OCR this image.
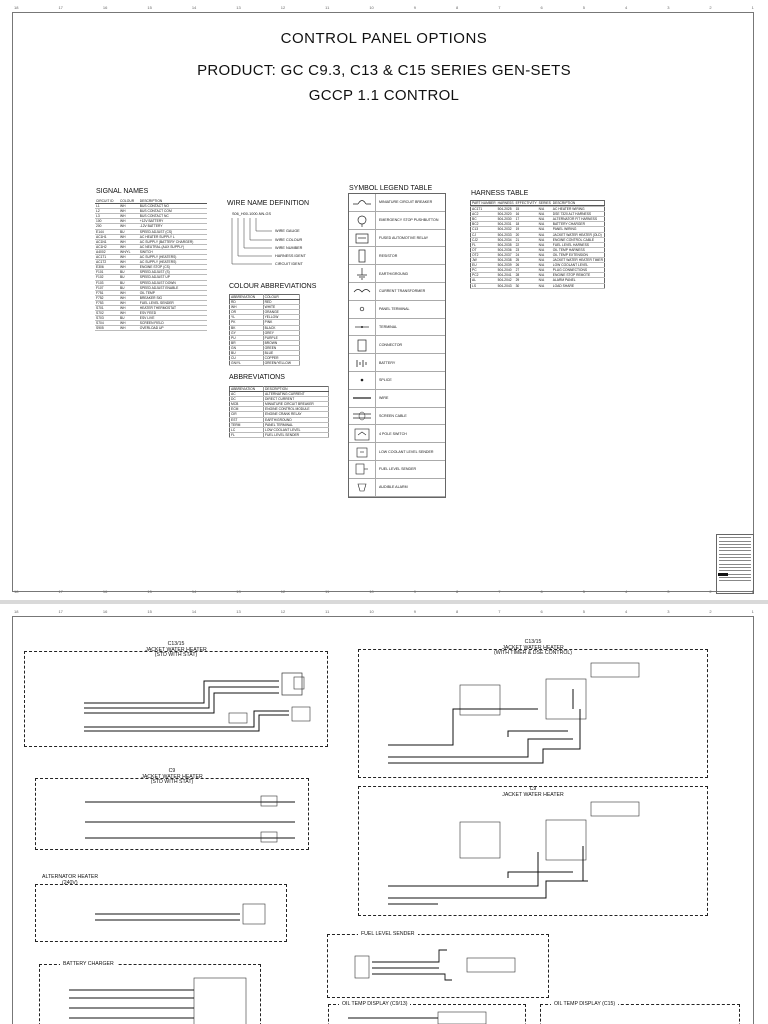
18	17	16	15	14	13	12	11	10	9	8	7	6	5	4	3	2	1
18	17	16	15	14	13	12	11	10	9	8	7	6	5	4	3	2	1
CONTROL PANEL OPTIONS
PRODUCT: GC C9.3, C13 & C15 SERIES GEN-SETS
GCCP 1.1 CONTROL
SIGNAL NAMES
CIRCUIT ID	COLOUR	DESCRIPTION
L1	WH	BUS CONTACT NO
L2	WH	BUS CONTACT COM
L3	WH	BUS CONTACT NC
100	WH	+12V BATTERY
200	WH	-12V BATTERY
E144	BU	SPEED ADJUST (CS)
AC1H1	WH	AC HEATER SUPPLY L
AC1N1	WH	AC SUPPLY (BATTERY CHARGER)
AC1H2	WH	AC NEUTRAL (AUX SUPPLY)
A4002	WH/YL	SWITCH
AC1T1	WH	AC SUPPLY (HEATERS)
AC1T2	WH	AC SUPPLY (HEATERS)
E306	WH	ENGINE STOP (CS)
F101	BU	SPEED ADJUST (S)
F102	BU	SPEED ADJUST UP
F103	BU	SPEED ADJUST DOWN
F107	BU	SPEED ADJUST ENABLE
F751	WH	OIL TEMP
F752	WH	BREAKER SIG
F753	WH	FUEL LEVEL SENDER
S701	WH	HEATER THERMOSTAT
S702	WH	ESV FEED
S703	BU	ESV LIVE
S704	WH	SCREEN FIELD
S905	WH	OVERLOAD UP
WIRE NAME DEFINITION
S06_H00-1000-NN-GS
WIRE GAUGE
WIRE COLOUR
WIRE NUMBER
HARNESS IDENT
CIRCUIT IDENT
COLOUR ABBREVIATIONS
ABBREVIATION	COLOUR
RD	RED
WH	WHITE
OR	ORANGE
YL	YELLOW
PK	PINK
BK	BLACK
GY	GREY
PU	PURPLE
BR	BROWN
GN	GREEN
BU	BLUE
CU	COPPER
GN/YL	GREEN/YELLOW
ABBREVIATIONS
ABBREVIATION	DESCRIPTION
AC	ALTERNATING CURRENT
DC	DIRECT CURRENT
MCB	MINIATURE CIRCUIT BREAKER
ECM	ENGINE CONTROL MODULE
CIR	ENGINE CRANK RELAY
EST	EARTH/GROUND
TERM	PANEL TERMINAL
LC	LOW COOLANT LEVEL
FL	FUEL LEVEL SENDER
SYMBOL LEGEND TABLE
MINIATURE CIRCUIT BREAKER
EMERGENCY STOP PUSHBUTTON
FUSED AUTOMOTIVE RELAY
RESISTOR
EARTH/GROUND
CURRENT TRANSFORMER
PANEL TERMINAL
TERMINAL
CONNECTOR
BATTERY
SPLICE
WIRE
SCREEN CABLE
4 POLE SWITCH
LOW COOLANT LEVEL SENDER
FUEL LEVEL SENDER
AUDIBLE ALARM
HARNESS TABLE
PART NUMBER	HARNESS	EFFECTIVITY	SERIES	DESCRIPTION

AC1T1	504-2025	15	N/A	AC HEATER WIRING
AC2	504-2020	16	N/A	DSE 7320 ALT HARNESS
BC	504-2030	17	N/A	ALTERNATOR FIT HARNESS
BC2	504-2031	18	N/A	BATTERY CHARGER
C13	504-2032	19	N/A	PANEL WIRING
CJ	504-2033	20	N/A	JACKET WATER HEATER (OLD)
CJ2	504-2034	21	N/A	ENGINE CONTROL CABLE
FL	504-2035	22	N/A	FUEL LEVEL HARNESS
OT	504-2036	23	N/A	OIL TEMP HARNESS
OT2	504-2037	24	N/A	OIL TEMP EXTENSION
JW	504-2038	25	N/A	JACKET WATER HEATER TIMER
EU	504-2039	26	N/A	LOW COOLANT LEVEL
PC	504-2040	27	N/A	PLUG CONNECTIONS
PC2	504-2041	28	N/A	ENGINE STOP REMOTE
AL	504-2042	29	N/A	ALARM PANEL
LS	504-2043	30	N/A	LOAD SHARE
18	17	16	15	14	13	12	11	10	9	8	7	6	5	4	3	2	1
C13/15
JACKET WATER HEATER
(STD WITH STAT)
C13/15
JACKET WATER HEATER
(WITH TIMER & DSE CONTROL)
C9
JACKET WATER HEATER
(STD WITH STAT)
C9
JACKET WATER HEATER
ALTERNATOR HEATER
(240V)
FUEL LEVEL SENDER
BATTERY CHARGER
OIL TEMP DISPLAY (C9/13)	OIL TEMP DISPLAY (C15)
